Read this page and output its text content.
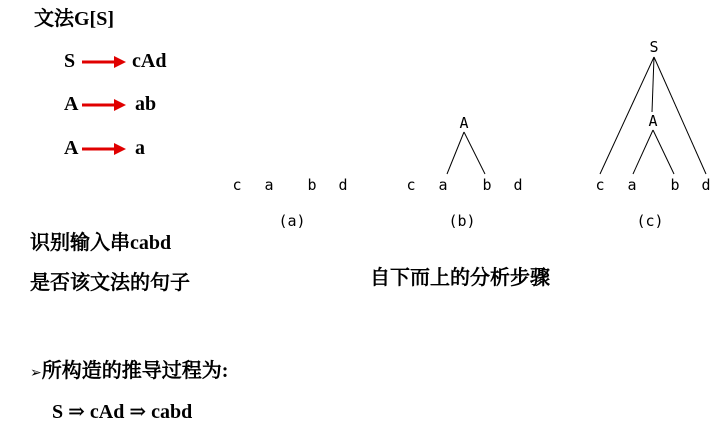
文法G[S]
S	cAd
A	ab
A	a
识别输入串cabd
是否该文法的句子
c a b d
(a)
A
c a b d
(b)
S
A
c a b d
(c)
自下而上的分析步骤
➢所构造的推导过程为:
S ⇒ cAd ⇒ cabd
